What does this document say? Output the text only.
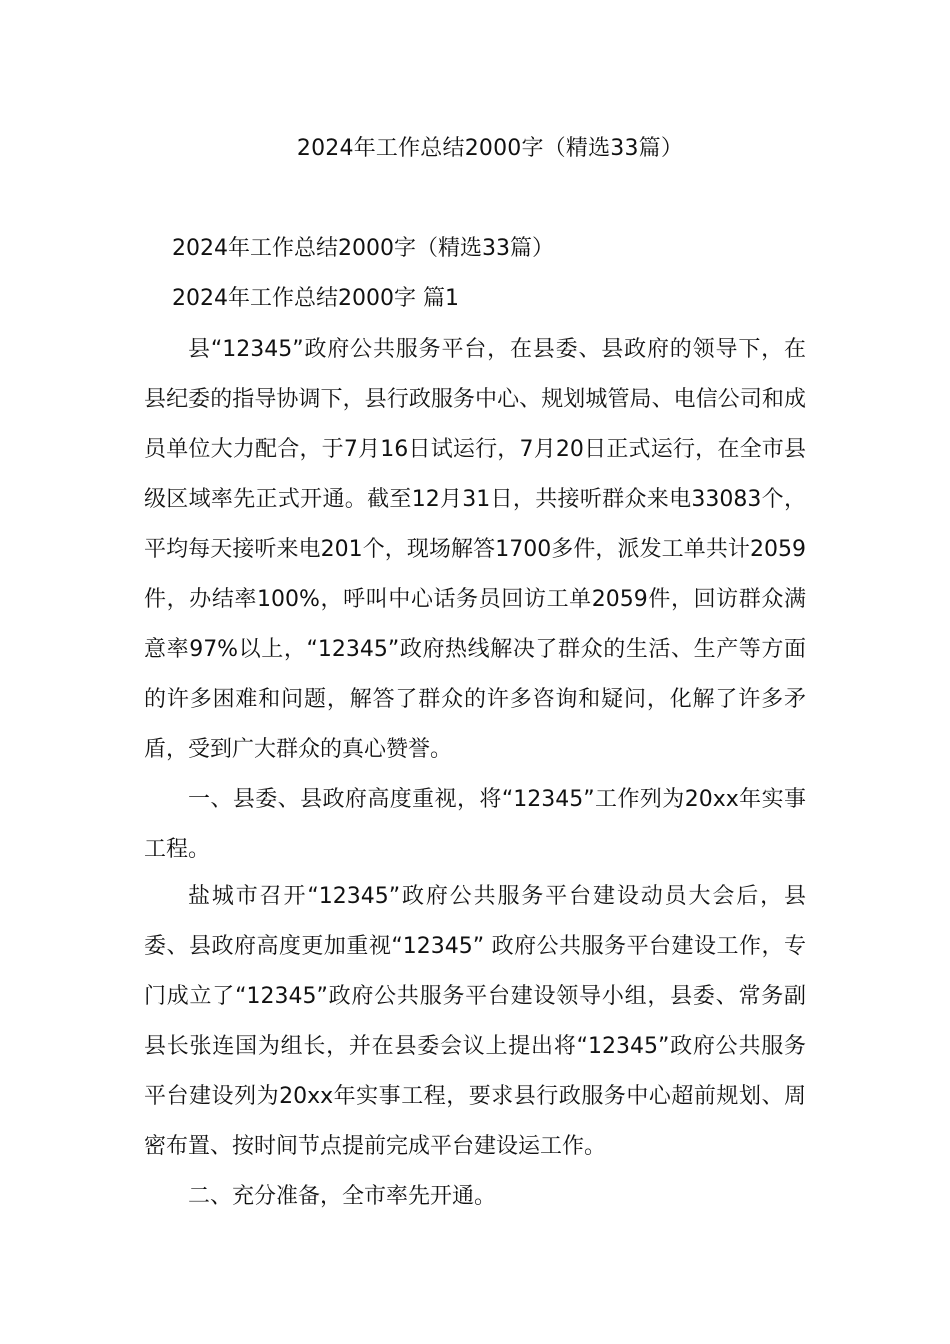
2024年工作总结2000字（精选33篇）
2024年工作总结2000字（精选33篇）
2024年工作总结2000字 篇1

县“12345”政府公共服务平台，在县委、县政府的领导下，在县纪委的指导协调下，县行政服务中心、规划城管局、电信公司和成员单位大力配合，于7月16日试运行，7月20日正式运行，在全市县级区域率先正式开通。截至12月31日，共接听群众来电33083个，平均每天接听来电201个，现场解答1700多件，派发工单共计2059件，办结率100%，呼叫中心话务员回访工单2059件，回访群众满意率97%以上，“12345”政府热线解决了群众的生活、生产等方面的许多困难和问题，解答了群众的许多咨询和疑问，化解了许多矛盾，受到广大群众的真心赞誉。

一、县委、县政府高度重视，将“12345”工作列为20xx年实事工程。

盐城市召开“12345”政府公共服务平台建设动员大会后，县委、县政府高度更加重视“12345” 政府公共服务平台建设工作，专门成立了“12345”政府公共服务平台建设领导小组，县委、常务副县长张连国为组长，并在县委会议上提出将“12345”政府公共服务平台建设列为20xx年实事工程，要求县行政服务中心超前规划、周密布置、按时间节点提前完成平台建设运工作。

二、充分准备，全市率先开通。
